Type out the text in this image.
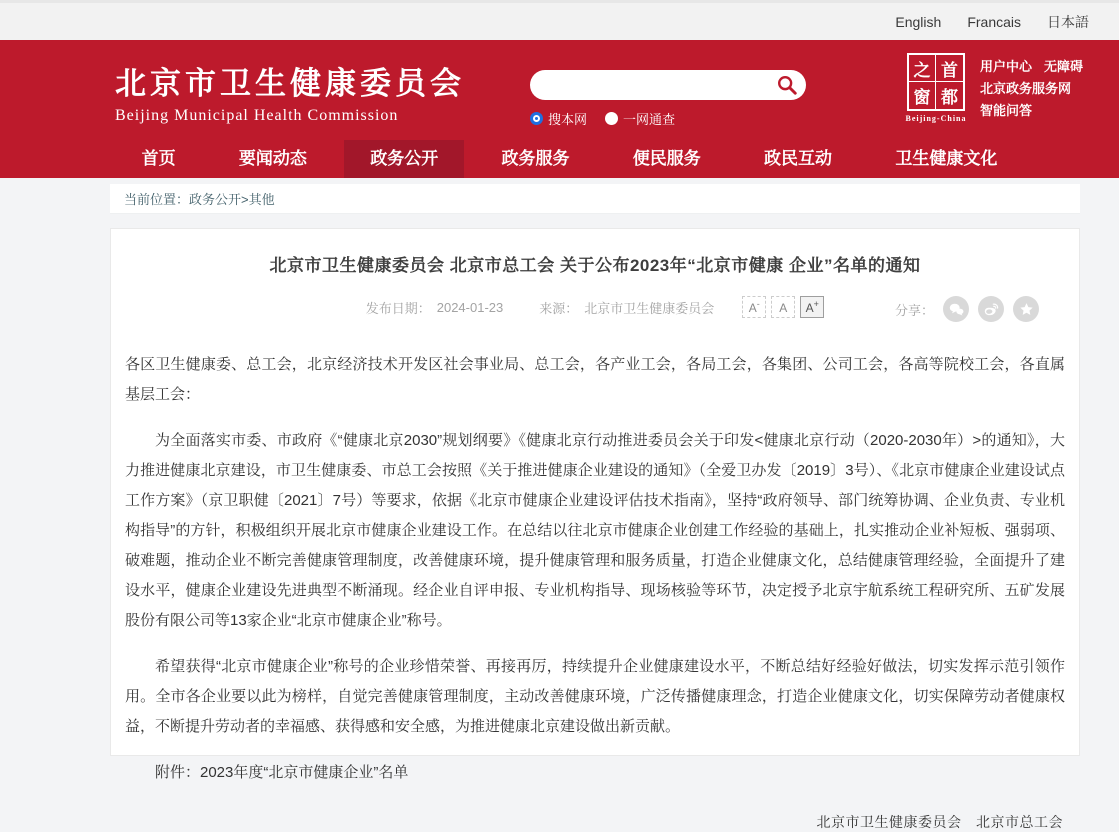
English Francais 日本語
北京市卫生健康委员会
Beijing Municipal Health Commission	搜本网	一网通查
之 首
窗 都
Beijing-China
用户中心 无障碍
北京政务服务网
智能问答
首页	要闻动态	政务公开	政务服务	便民服务	政民互动	卫生健康文化
当前位置： 政务公开>其他
北京市卫生健康委员会 北京市总工会 关于公布2023年“北京市健康 企业”名单的通知
发布日期： 2024-01-23	来源： 北京市卫生健康委员会	A-	A	A+	分享：

各区卫生健康委、总工会，北京经济技术开发区社会事业局、总工会，各产业工会，各局工会，各集团、公司工会，各高等院校工会，各直属基层工会：

为全面落实市委、市政府《“健康北京2030”规划纲要》《健康北京行动推进委员会关于印发<健康北京行动（2020-2030年）>的通知》，大力推进健康北京建设，市卫生健康委、市总工会按照《关于推进健康企业建设的通知》（全爱卫办发〔2019〕3号）、《北京市健康企业建设试点工作方案》（京卫职健〔2021〕7号）等要求，依据《北京市健康企业建设评估技术指南》，坚持“政府领导、部门统筹协调、企业负责、专业机构指导”的方针，积极组织开展北京市健康企业建设工作。在总结以往北京市健康企业创建工作经验的基础上，扎实推动企业补短板、强弱项、破难题，推动企业不断完善健康管理制度，改善健康环境，提升健康管理和服务质量，打造企业健康文化，总结健康管理经验，全面提升了建设水平，健康企业建设先进典型不断涌现。经企业自评申报、专业机构指导、现场核验等环节，决定授予北京宇航系统工程研究所、五矿发展股份有限公司等13家企业“北京市健康企业”称号。

希望获得“北京市健康企业”称号的企业珍惜荣誉、再接再厉，持续提升企业健康建设水平，不断总结好经验好做法，切实发挥示范引领作用。全市各企业要以此为榜样，自觉完善健康管理制度，主动改善健康环境，广泛传播健康理念，打造企业健康文化，切实保障劳动者健康权益，不断提升劳动者的幸福感、获得感和安全感，为推进健康北京建设做出新贡献。

附件：2023年度“北京市健康企业”名单
北京市卫生健康委员会　北京市总工会
